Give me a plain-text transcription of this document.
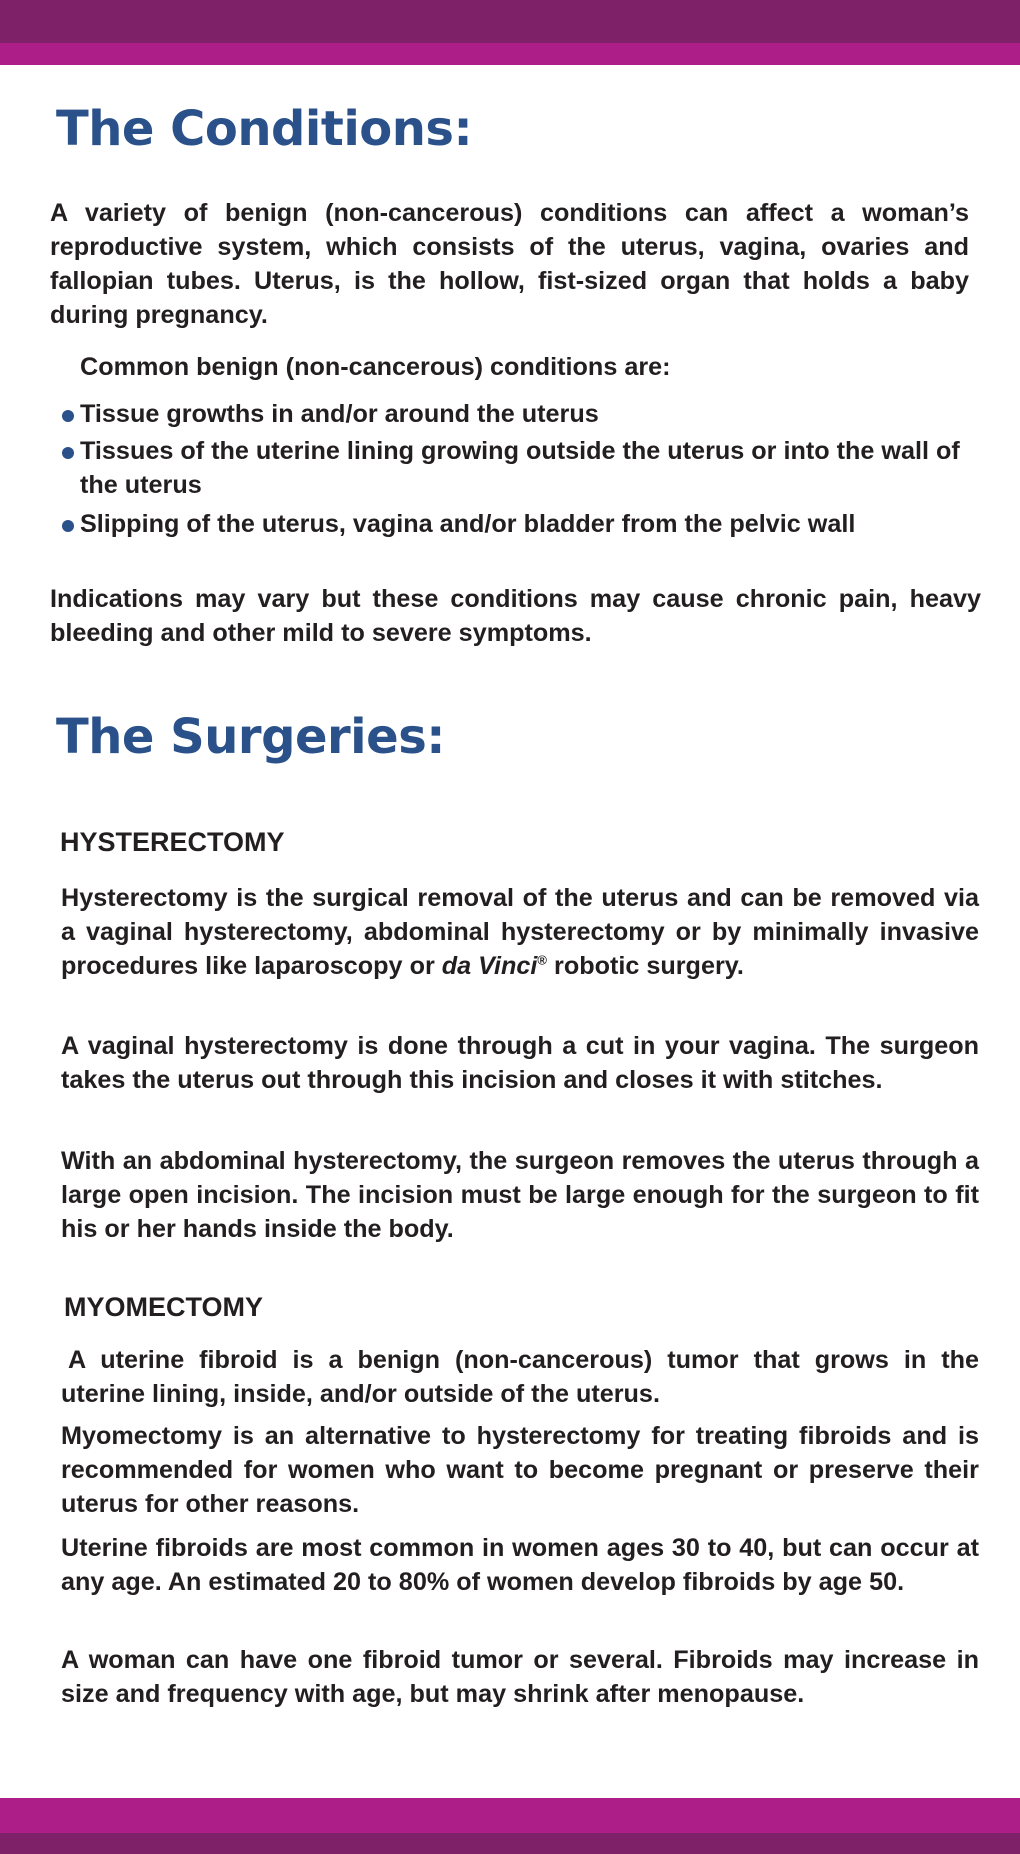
The Conditions:

A variety of benign (non-cancerous) conditions can affect a woman’s reproductive system, which consists of the uterus, vagina, ovaries and fallopian tubes. Uterus, is the hollow, fist-sized organ that holds a baby during pregnancy.

Common benign (non-cancerous) conditions are:

Tissue growths in and/or around the uterus

Tissues of the uterine lining growing outside the uterus or into the wall of the uterus

Slipping of the uterus, vagina and/or bladder from the pelvic wall

Indications may vary but these conditions may cause chronic pain, heavy bleeding and other mild to severe symptoms.

The Surgeries:
HYSTERECTOMY

Hysterectomy is the surgical removal of the uterus and can be removed via a vaginal hysterectomy, abdominal hysterectomy or by minimally invasive procedures like laparoscopy or da Vinci® robotic surgery.

A vaginal hysterectomy is done through a cut in your vagina. The surgeon takes the uterus out through this incision and closes it with stitches.

With an abdominal hysterectomy, the surgeon removes the uterus through a large open incision. The incision must be large enough for the surgeon to fit his or her hands inside the body.

MYOMECTOMY

A uterine fibroid is a benign (non-cancerous) tumor that grows in the uterine lining, inside, and/or outside of the uterus.

Myomectomy is an alternative to hysterectomy for treating fibroids and is recommended for women who want to become pregnant or preserve their uterus for other reasons.

Uterine fibroids are most common in women ages 30 to 40, but can occur at any age. An estimated 20 to 80% of women develop fibroids by age 50.

A woman can have one fibroid tumor or several. Fibroids may increase in size and frequency with age, but may shrink after menopause.
